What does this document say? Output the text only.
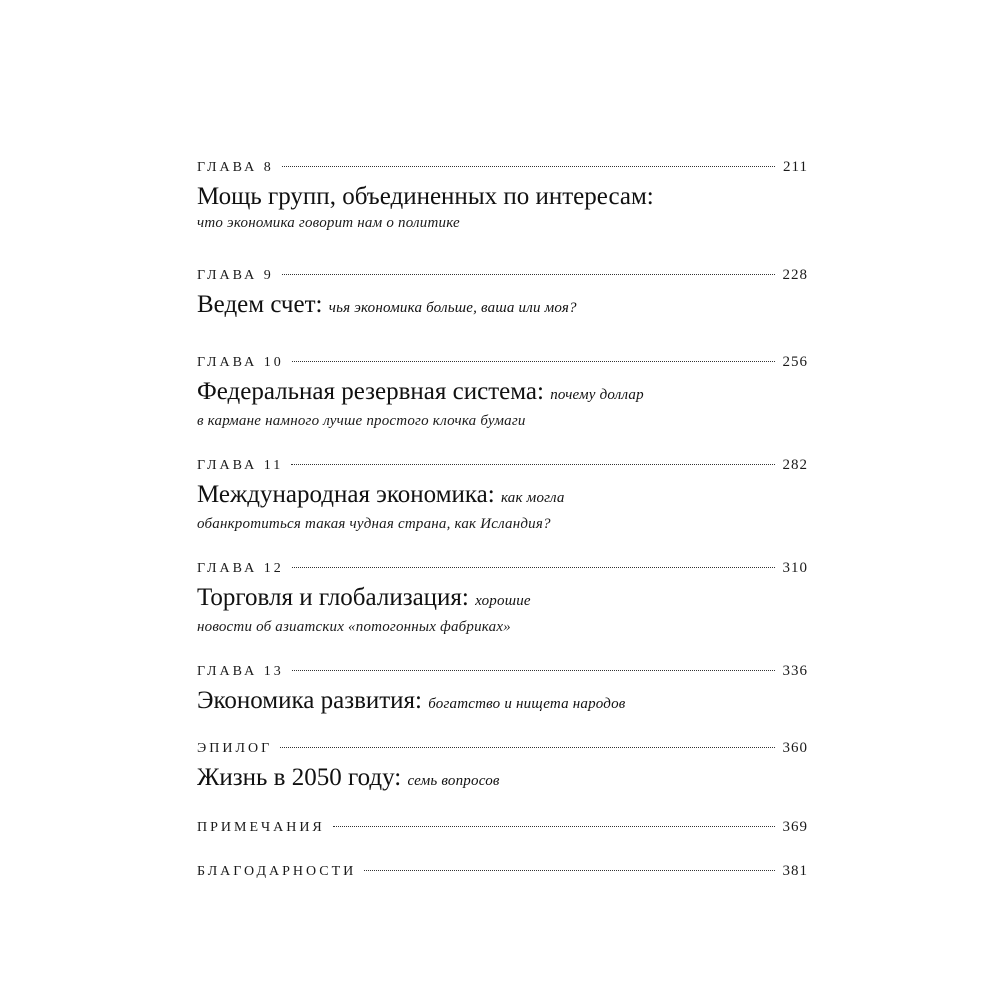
ГЛАВА 8	211
Мощь групп, объединенных по интересам:
что экономика говорит нам о политике
ГЛАВА 9	228
Ведем счет: чья экономика больше, ваша или моя?
ГЛАВА 10	256
Федеральная резервная система: почему доллар
в кармане намного лучше простого клочка бумаги
ГЛАВА 11	282
Международная экономика: как могла
обанкротиться такая чудная страна, как Исландия?
ГЛАВА 12	310
Торговля и глобализация: хорошие
новости об азиатских «потогонных фабриках»
ГЛАВА 13	336
Экономика развития: богатство и нищета народов
ЭПИЛОГ	360
Жизнь в 2050 году: семь вопросов
ПРИМЕЧАНИЯ	369
БЛАГОДАРНОСТИ	381
